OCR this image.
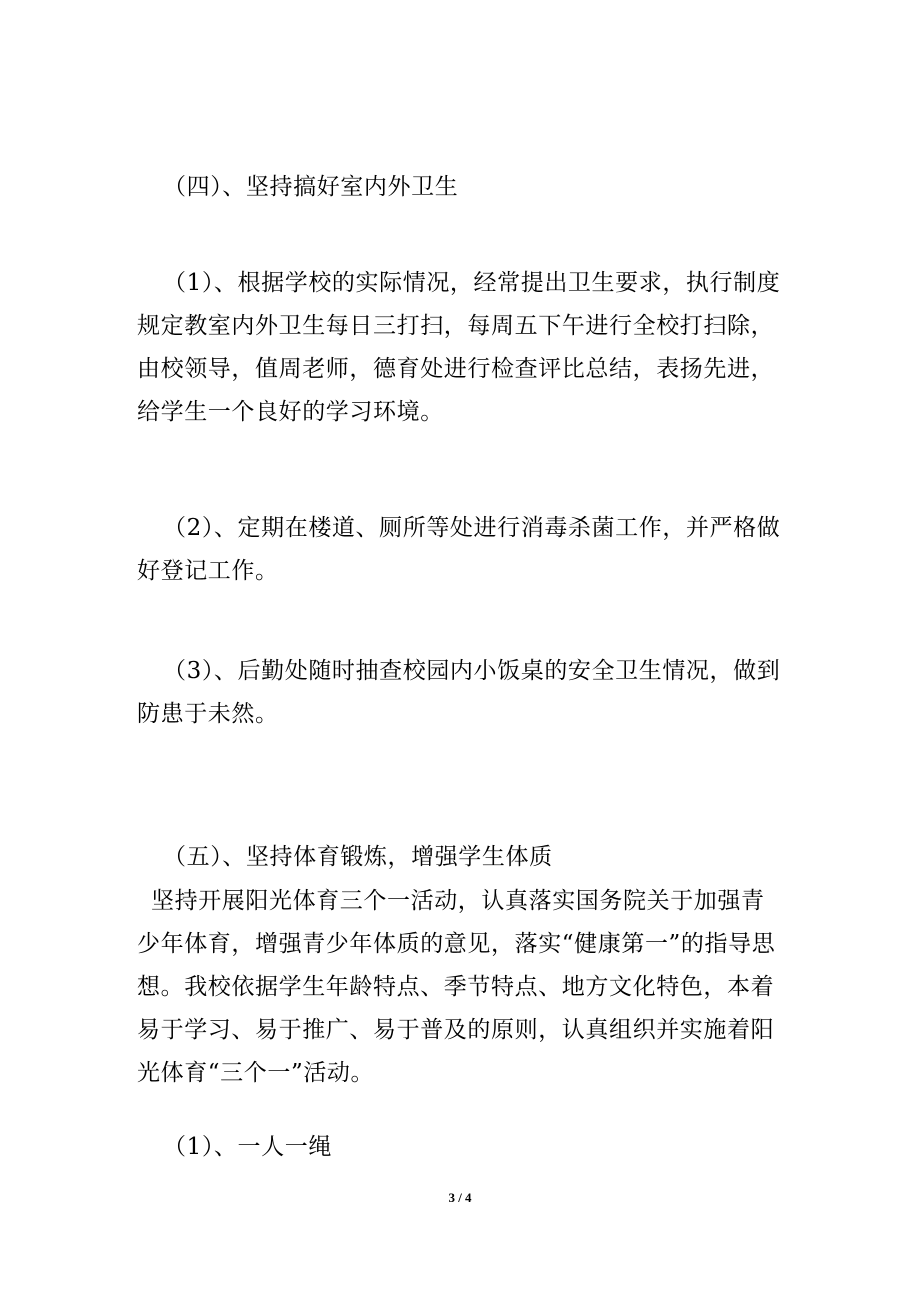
（四）、坚持搞好室内外卫生

（1）、根据学校的实际情况，经常提出卫生要求，执行制度规定教室内外卫生每日三打扫，每周五下午进行全校打扫除，由校领导，值周老师，德育处进行检查评比总结，表扬先进，给学生一个良好的学习环境。

（2）、定期在楼道、厕所等处进行消毒杀菌工作，并严格做好登记工作。

（3）、后勤处随时抽查校园内小饭桌的安全卫生情况，做到防患于未然。

（五）、坚持体育锻炼，增强学生体质

坚持开展阳光体育三个一活动，认真落实国务院关于加强青少年体育，增强青少年体质的意见，落实“健康第一”的指导思想。我校依据学生年龄特点、季节特点、地方文化特色，本着易于学习、易于推广、易于普及的原则，认真组织并实施着阳光体育“三个一”活动。

（1）、一人一绳

3 / 4
